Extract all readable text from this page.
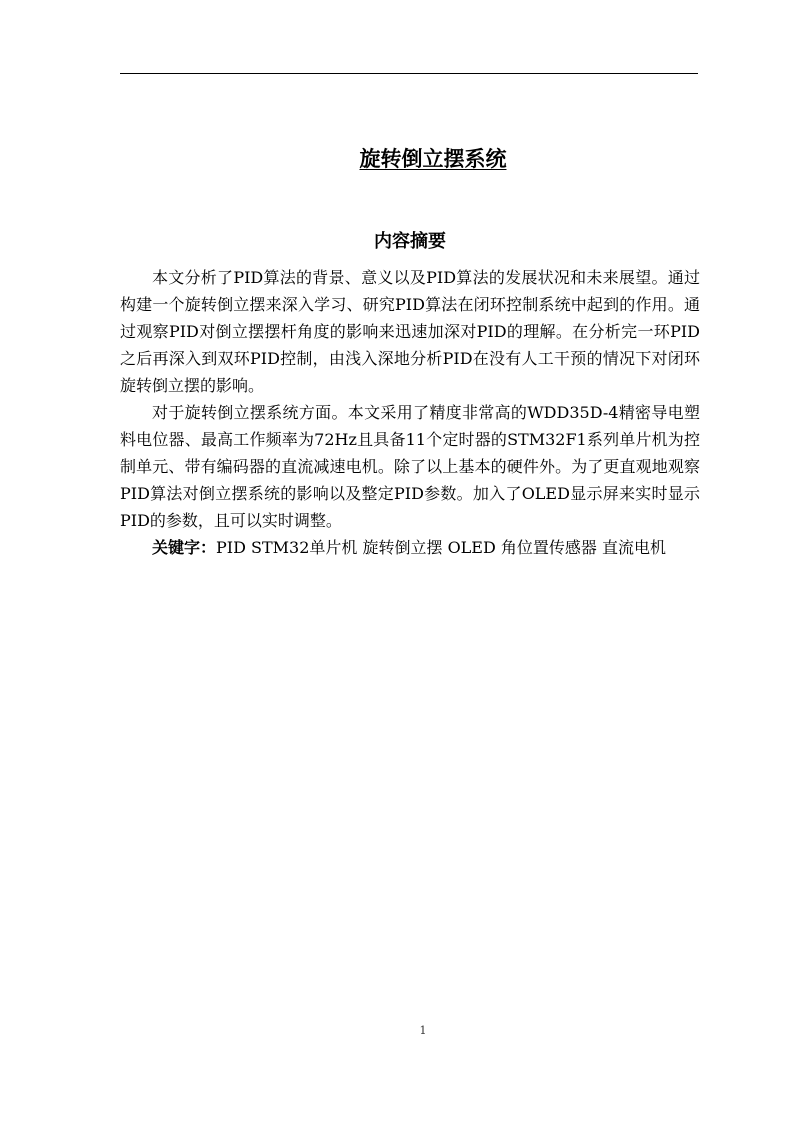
旋转倒立摆系统
内容摘要

本文分析了PID算法的背景、意义以及PID算法的发展状况和未来展望。通过构建一个旋转倒立摆来深入学习、研究PID算法在闭环控制系统中起到的作用。通过观察PID对倒立摆摆杆角度的影响来迅速加深对PID的理解。在分析完一环PID之后再深入到双环PID控制，由浅入深地分析PID在没有人工干预的情况下对闭环旋转倒立摆的影响。

对于旋转倒立摆系统方面。本文采用了精度非常高的WDD35D-4精密导电塑料电位器、最高工作频率为72Hz且具备11个定时器的STM32F1系列单片机为控制单元、带有编码器的直流减速电机。除了以上基本的硬件外。为了更直观地观察PID算法对倒立摆系统的影响以及整定PID参数。加入了OLED显示屏来实时显示PID的参数，且可以实时调整。

关键字：PID STM32单片机 旋转倒立摆 OLED 角位置传感器 直流电机

1
